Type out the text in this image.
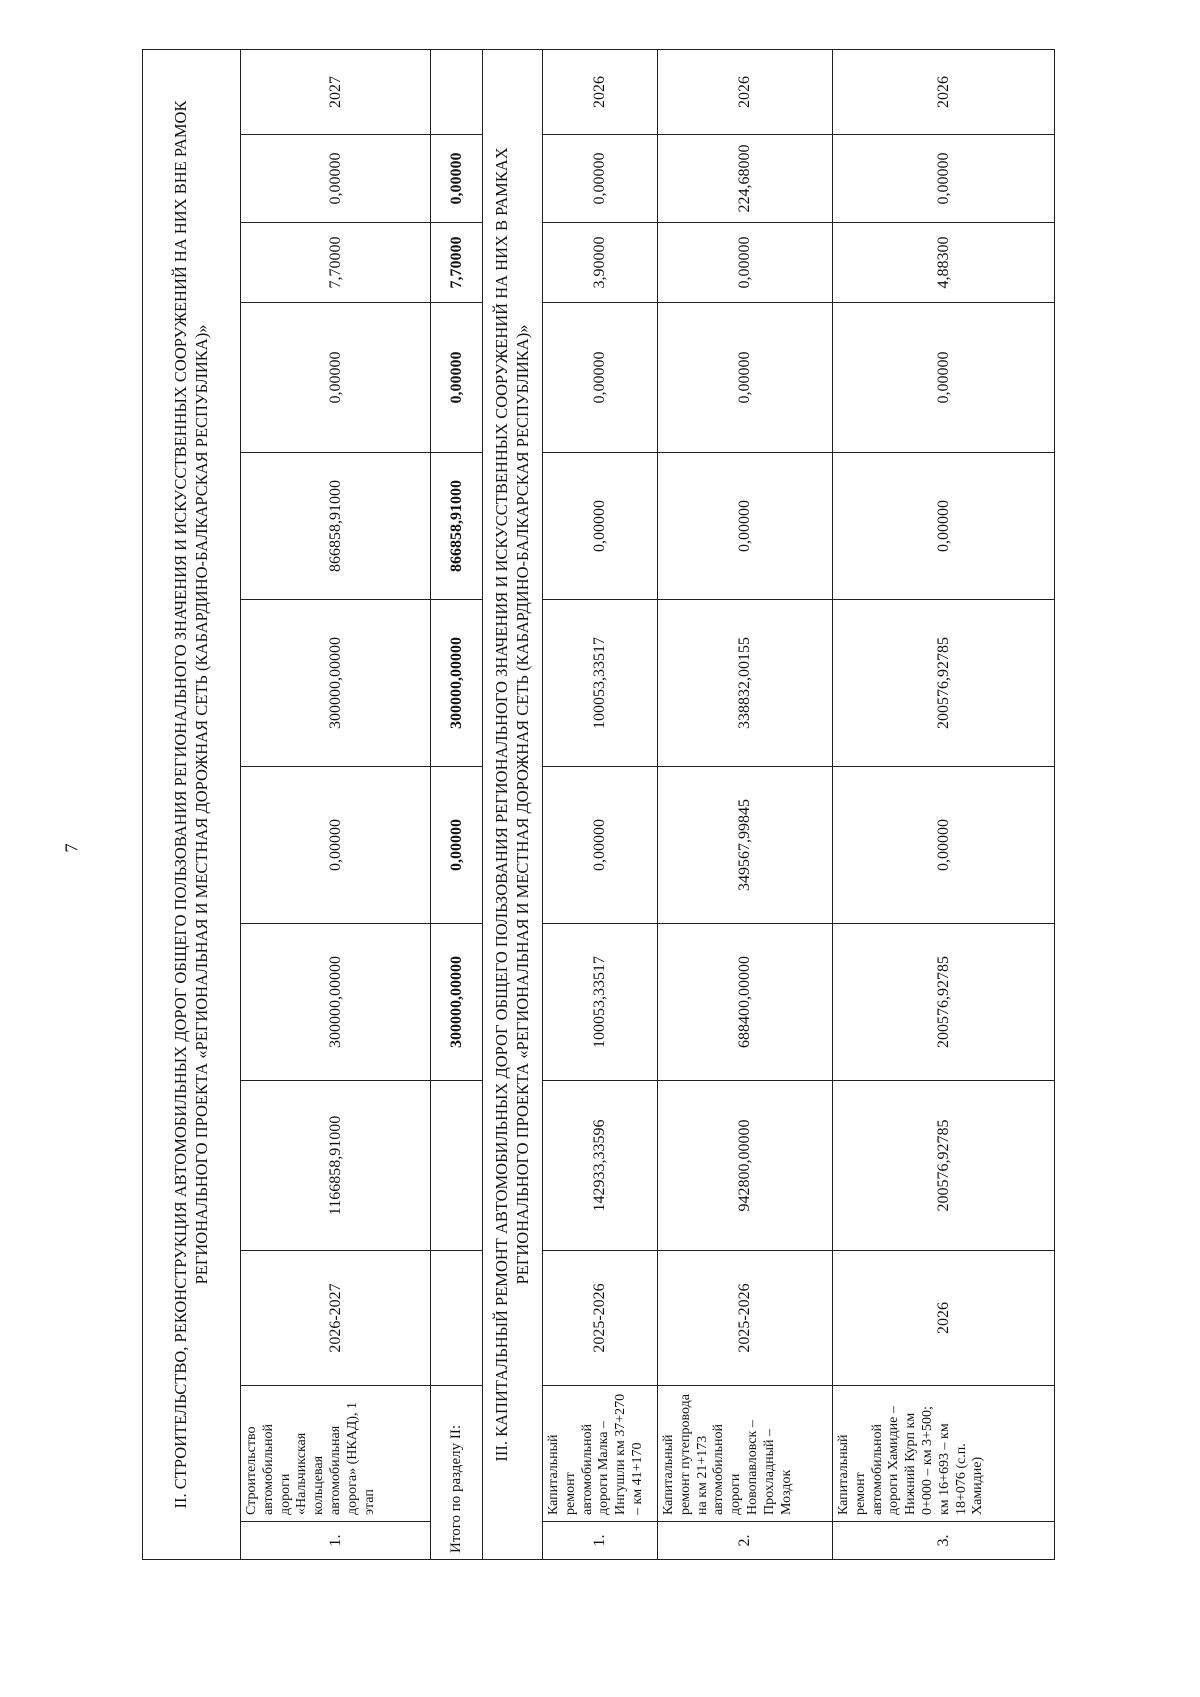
7	II. СТРОИТЕЛЬСТВО, РЕКОНСТРУКЦИЯ АВТОМОБИЛЬНЫХ ДОРОГ ОБЩЕГО ПОЛЬЗОВАНИЯ РЕГИОНАЛЬНОГО ЗНАЧЕНИЯ И ИСКУССТВЕННЫХ СООРУЖЕНИЙ НА НИХ ВНЕ РАМОК РЕГИОНАЛЬНОГО ПРОЕКТА «РЕГИОНАЛЬНАЯ И МЕСТНАЯ ДОРОЖНАЯ СЕТЬ (КАБАРДИНО-БАЛКАРСКАЯ РЕСПУБЛИКА)»											
1.	Строительство автомобильной дороги «Нальчикская кольцевая автомобильная дорога» (НКАД), 1 этап	2026-2027	1166858,91000	300000,00000	0,00000	300000,00000	866858,91000	0,00000	7,70000	0,00000	2027
Итого по разделу II:				300000,00000	0,00000	300000,00000	866858,91000	0,00000	7,70000	0,00000	
III. КАПИТАЛЬНЫЙ РЕМОНТ АВТОМОБИЛЬНЫХ ДОРОГ ОБЩЕГО ПОЛЬЗОВАНИЯ РЕГИОНАЛЬНОГО ЗНАЧЕНИЯ И ИСКУССТВЕННЫХ СООРУЖЕНИЙ НА НИХ В РАМКАХ РЕГИОНАЛЬНОГО ПРОЕКТА «РЕГИОНАЛЬНАЯ И МЕСТНАЯ ДОРОЖНАЯ СЕТЬ (КАБАРДИНО-БАЛКАРСКАЯ РЕСПУБЛИКА)»											
1.	Капитальный ремонт автомобильной дороги Малка – Ингушли км 37+270 – км 41+170	2025-2026	142933,33596	100053,33517	0,00000	100053,33517	0,00000	0,00000	3,90000	0,00000	2026
2.	Капитальный ремонт путепровода на км 21+173 автомобильной дороги Новопавловск – Прохладный – Моздок	2025-2026	942800,00000	688400,00000	349567,99845	338832,00155	0,00000	0,00000	0,00000	224,68000	2026
3.	Капитальный ремонт автомобильной дороги Хамидие – Нижний Курп км 0+000 – км 3+500; км 16+693 – км 18+076 (с.п. Хамидие)	2026	200576,92785	200576,92785	0,00000	200576,92785	0,00000	0,00000	4,88300	0,00000	2026
